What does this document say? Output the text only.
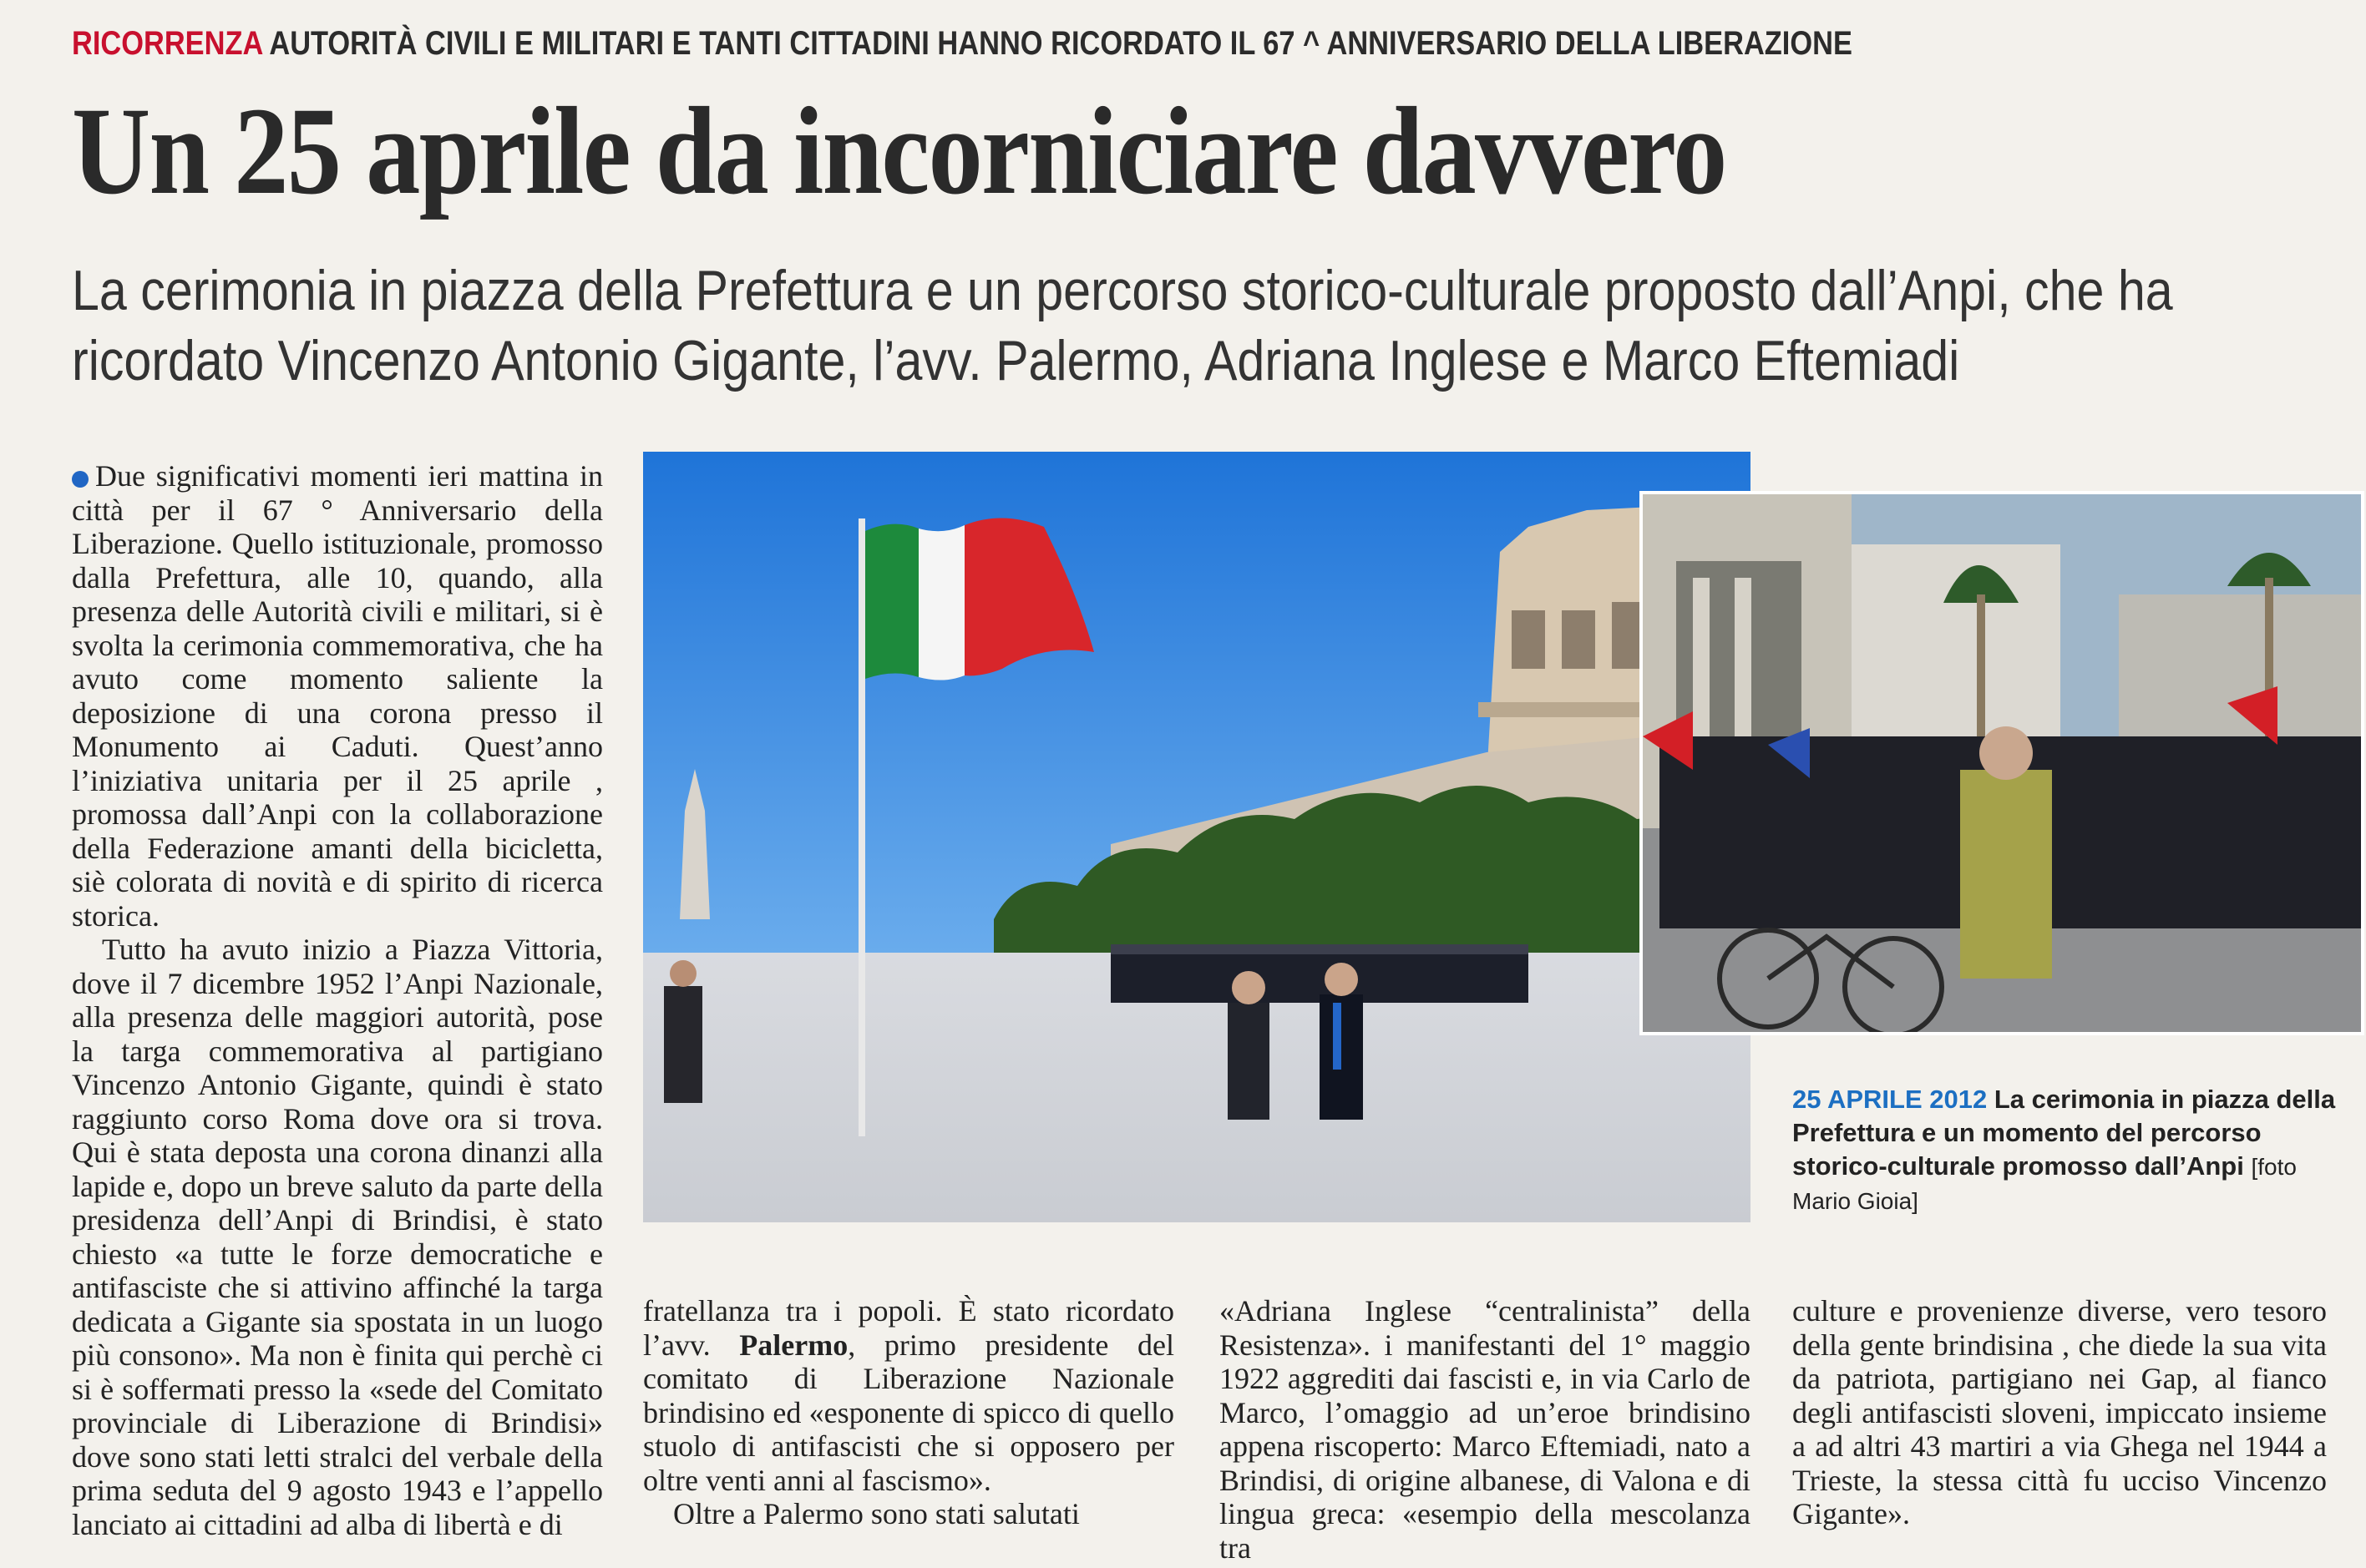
RICORRENZA AUTORITÀ CIVILI E MILITARI E TANTI CITTADINI HANNO RICORDATO IL 67 ^ ANNIVERSARIO DELLA LIBERAZIONE
Un 25 aprile da incorniciare davvero

La cerimonia in piazza della Prefettura e un percorso storico-culturale proposto dall’Anpi, che ha ricordato Vincenzo Antonio Gigante, l’avv. Palermo, Adriana Inglese e Marco Eftemiadi

Due significativi momenti ieri mattina in città per il 67 ° Anniversario della Liberazione. Quello istituzionale, promosso dalla Prefettura, alle 10, quando, alla presenza delle Autorità civili e militari, si è svolta la cerimonia commemorativa, che ha avuto come momento saliente la deposizione di una corona presso il Monumento ai Caduti. Quest’anno l’iniziativa unitaria per il 25 aprile , promossa dall’Anpi con la collaborazione della Federazione amanti della bicicletta, siè colorata di novità e di spirito di ricerca storica.

Tutto ha avuto inizio a Piazza Vittoria, dove il 7 dicembre 1952 l’Anpi Nazionale, alla presenza delle maggiori autorità, pose la targa commemorativa al partigiano Vincenzo Antonio Gigante, quindi è stato raggiunto corso Roma dove ora si trova. Qui è stata deposta una corona dinanzi alla lapide e, dopo un breve saluto da parte della presidenza dell’Anpi di Brindisi, è stato chiesto «a tutte le forze democratiche e antifasciste che si attivino affinché la targa dedicata a Gigante sia spostata in un luogo più consono». Ma non è finita qui perchè ci si è soffermati presso la «sede del Comitato provinciale di Liberazione di Brindisi» dove sono stati letti stralci del verbale della prima seduta del 9 agosto 1943 e l’appello lanciato ai cittadini ad alba di libertà e di

25 APRILE 2012 La cerimonia in piazza della Prefettura e un momento del percorso storico-culturale promosso dall’Anpi [foto Mario Gioia]

fratellanza tra i popoli. È stato ricordato l’avv. Palermo, primo presidente del comitato di Liberazione Nazionale brindisino ed «esponente di spicco di quello stuolo di antifascisti che si opposero per oltre venti anni al fascismo».

Oltre a Palermo sono stati salutati

«Adriana Inglese “centralinista” della Resistenza». i manifestanti del 1° maggio 1922 aggrediti dai fascisti e, in via Carlo de Marco, l’omaggio ad un’eroe brindisino appena riscoperto: Marco Eftemiadi, nato a Brindisi, di origine albanese, di Valona e di lingua greca: «esempio della mescolanza tra

culture e provenienze diverse, vero tesoro della gente brindisina , che diede la sua vita da patriota, partigiano nei Gap, al fianco degli antifascisti sloveni, impiccato insieme a ad altri 43 martiri a via Ghega nel 1944 a Trieste, la stessa città fu ucciso Vincenzo Gigante».
